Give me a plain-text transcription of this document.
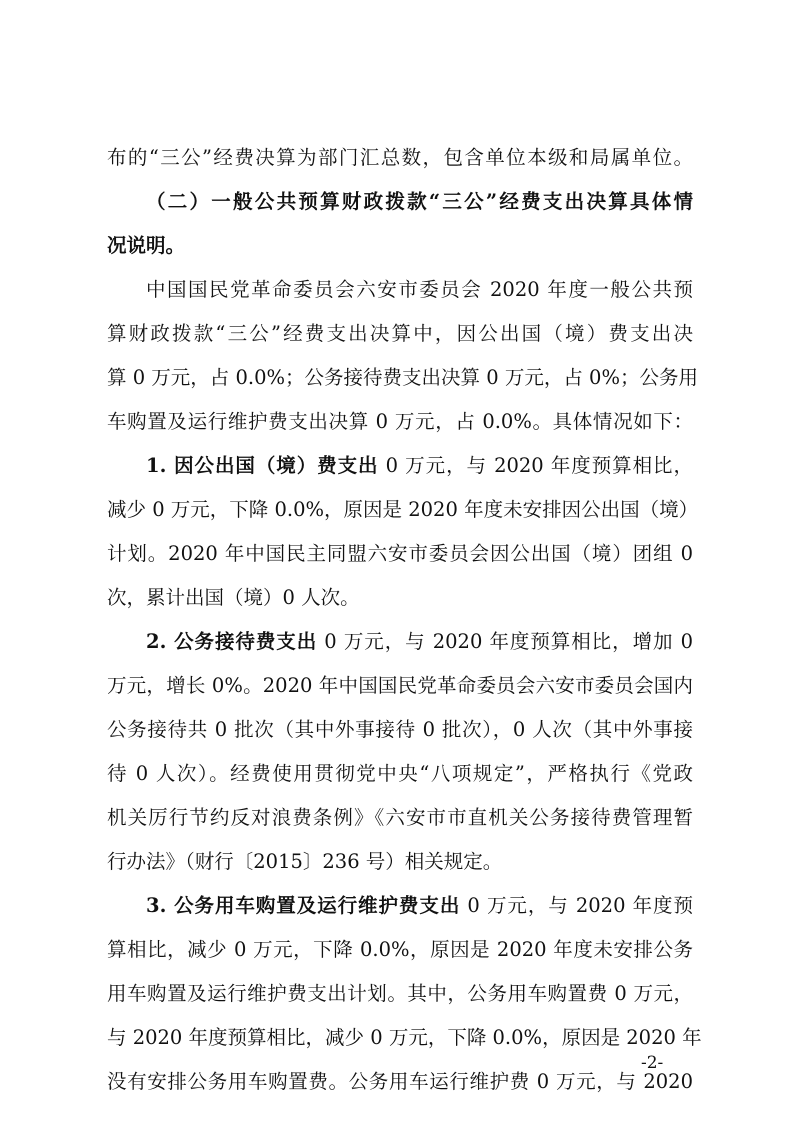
布的“三公”经费决算为部门汇总数，包含单位本级和局属单位。
（二）一般公共预算财政拨款“三公”经费支出决算具体情
况说明。
中国国民党革命委员会六安市委员会 2020 年度一般公共预
算财政拨款“三公”经费支出决算中，因公出国（境）费支出决
算 0 万元，占 0.0%；公务接待费支出决算 0 万元，占 0%；公务用
车购置及运行维护费支出决算 0 万元，占 0.0%。具体情况如下：
1. 因公出国（境）费支出 0 万元，与 2020 年度预算相比，
减少 0 万元，下降 0.0%，原因是 2020 年度未安排因公出国（境）
计划。2020 年中国民主同盟六安市委员会因公出国（境）团组 0
次，累计出国（境）0 人次。
2. 公务接待费支出 0 万元，与 2020 年度预算相比，增加 0
万元，增长 0%。2020 年中国国民党革命委员会六安市委员会国内
公务接待共 0 批次（其中外事接待 0 批次），0 人次（其中外事接
待 0 人次）。经费使用贯彻党中央“八项规定”，严格执行《党政
机关厉行节约反对浪费条例》《六安市市直机关公务接待费管理暂
行办法》（财行〔2015〕236 号）相关规定。
3. 公务用车购置及运行维护费支出 0 万元，与 2020 年度预
算相比，减少 0 万元，下降 0.0%，原因是 2020 年度未安排公务
用车购置及运行维护费支出计划。其中，公务用车购置费 0 万元，
与 2020 年度预算相比，减少 0 万元，下降 0.0%，原因是 2020 年
没有安排公务用车购置费。公务用车运行维护费 0 万元，与 2020
-2-
